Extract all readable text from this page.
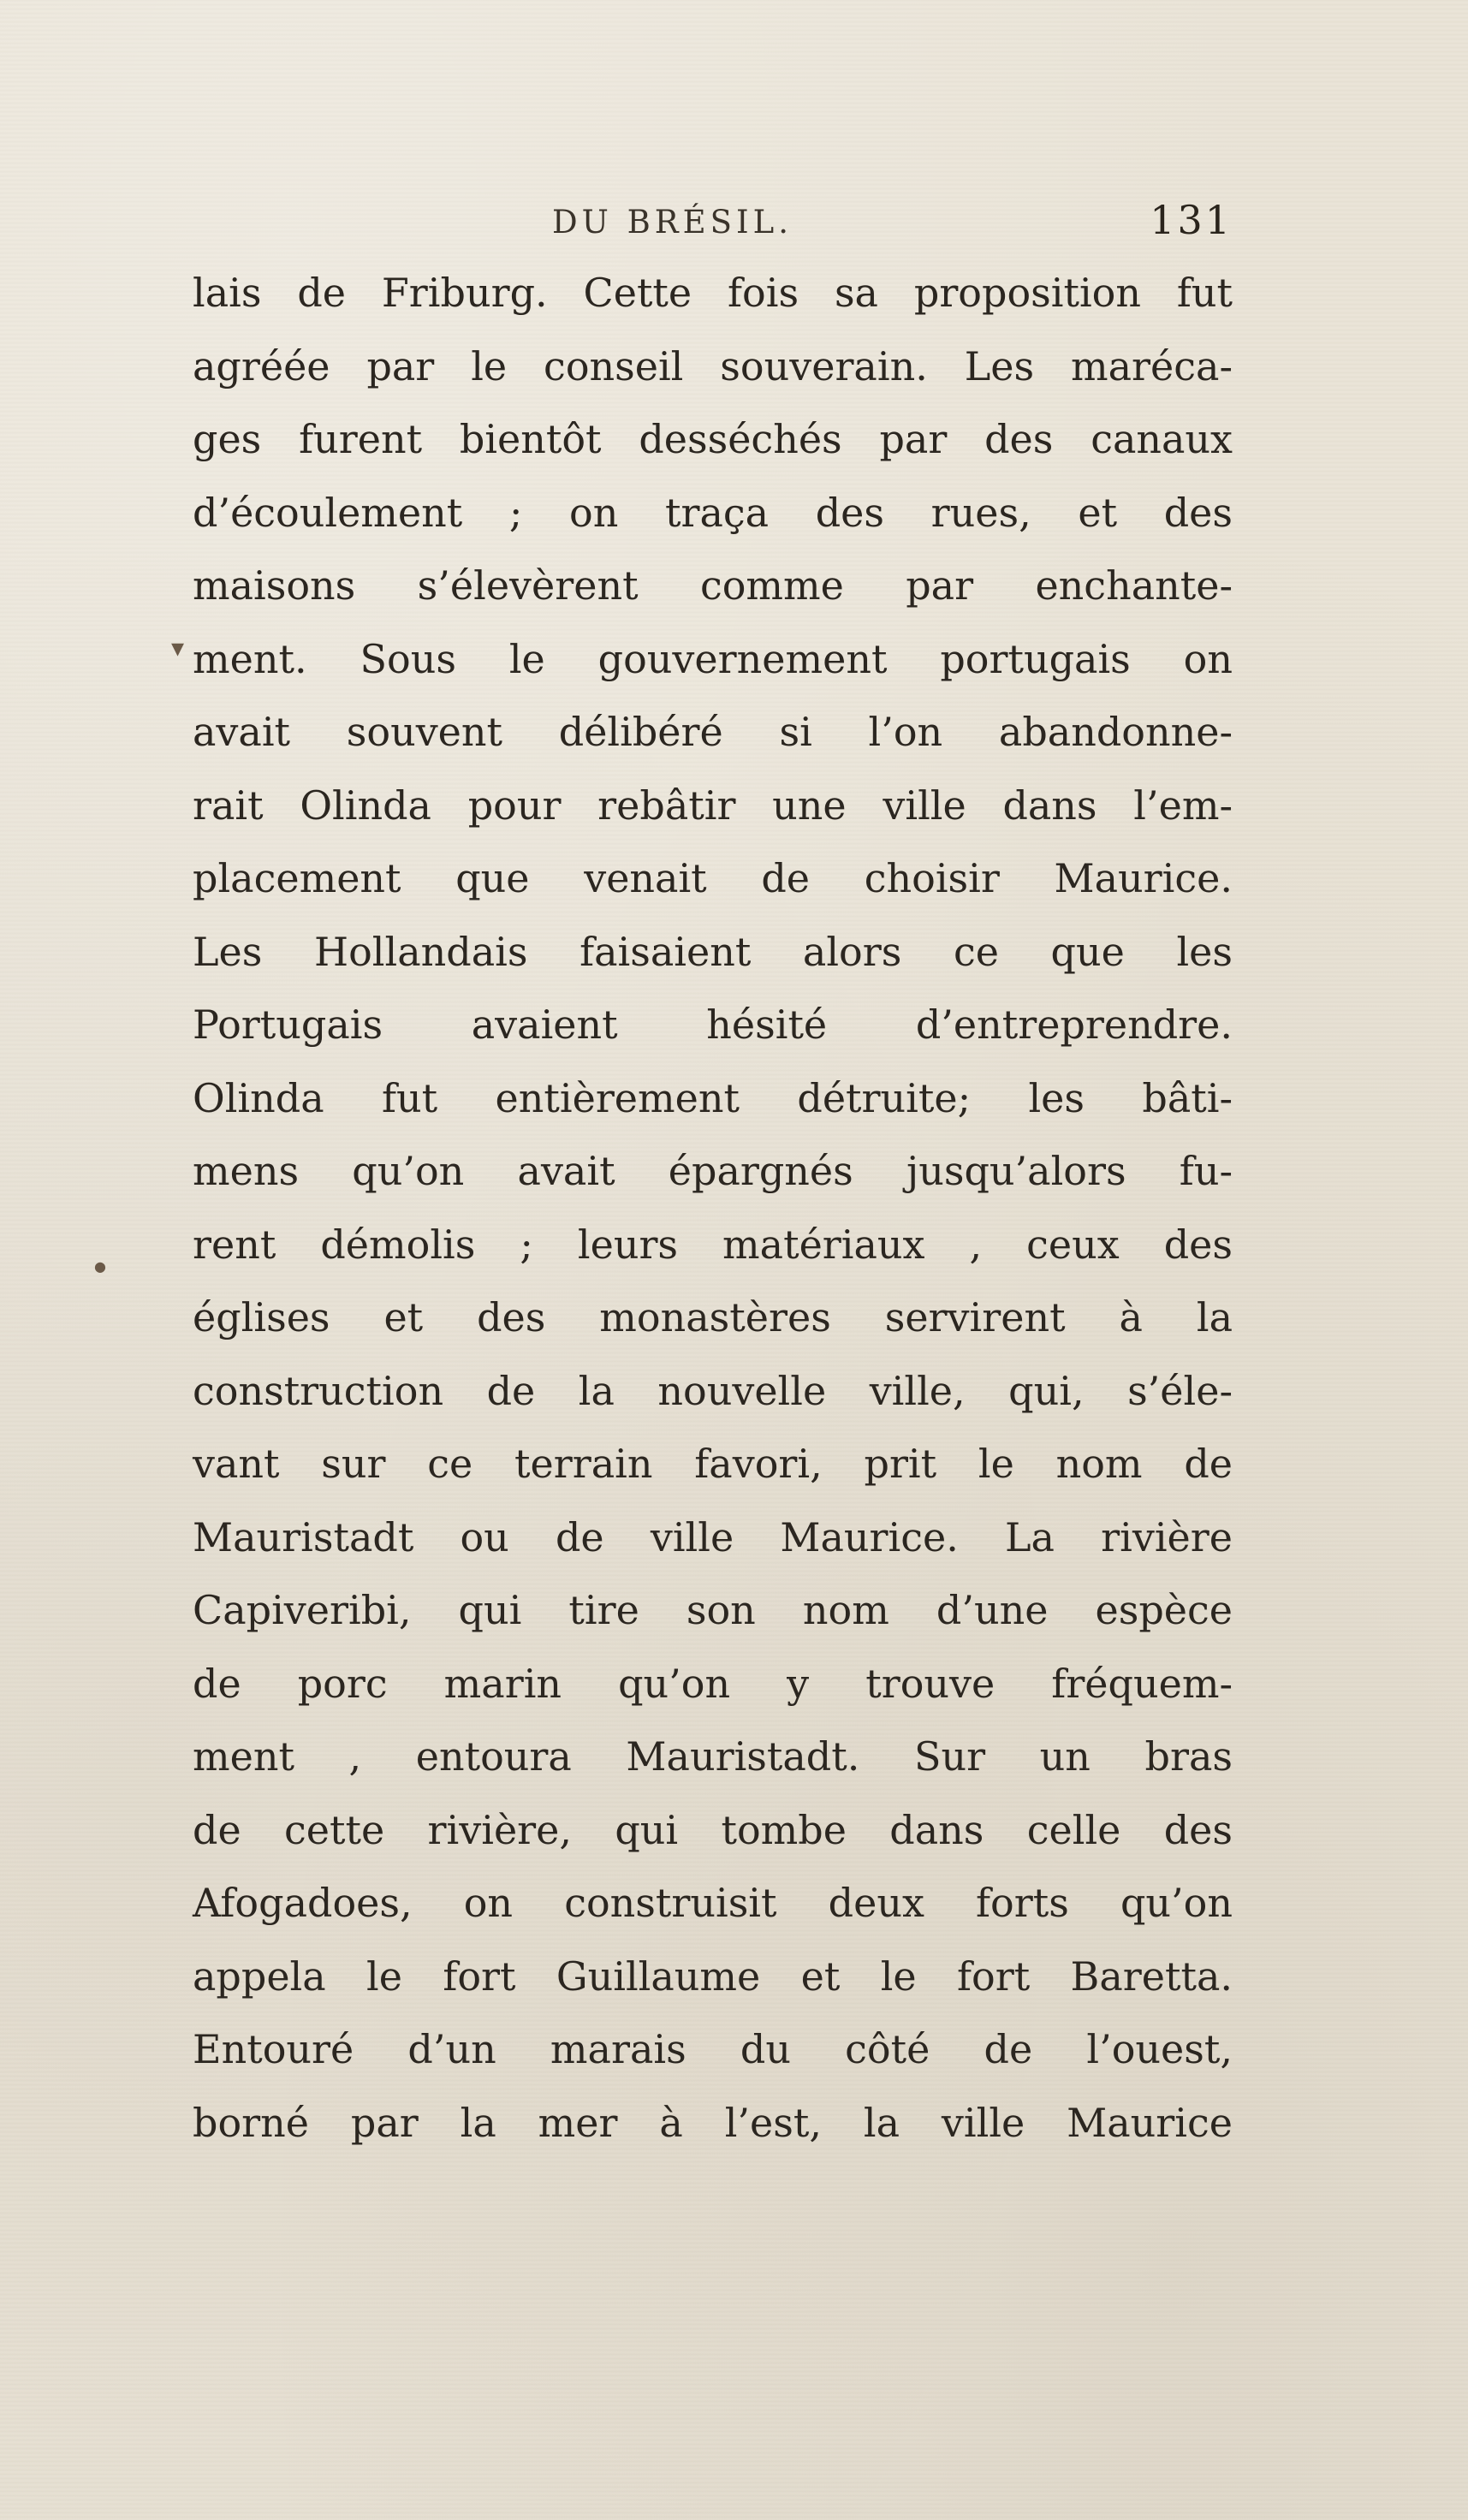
DU BRÉSIL.	131
lais de Friburg. Cette fois sa proposition fut
agréée par le conseil souverain. Les maréca-
ges furent bientôt desséchés par des canaux
d’écoulement ; on traça des rues, et des
maisons s’élevèrent comme par enchante-
ment. Sous le gouvernement portugais on
avait souvent délibéré si l’on abandonne-
rait Olinda pour rebâtir une ville dans l’em-
placement que venait de choisir Maurice.
Les Hollandais faisaient alors ce que les
Portugais avaient hésité d’entreprendre.
Olinda fut entièrement détruite; les bâti-
mens qu’on avait épargnés jusqu’alors fu-
rent démolis ; leurs matériaux , ceux des
églises et des monastères servirent à la
construction de la nouvelle ville, qui, s’éle-
vant sur ce terrain favori, prit le nom de
Mauristadt ou de ville Maurice. La rivière
Capiveribi, qui tire son nom d’une espèce
de porc marin qu’on y trouve fréquem-
ment , entoura Mauristadt. Sur un bras
de cette rivière, qui tombe dans celle des
Afogadoes, on construisit deux forts qu’on
appela le fort Guillaume et le fort Baretta.
Entouré d’un marais du côté de l’ouest,
borné par la mer à l’est, la ville Maurice
▾
●
